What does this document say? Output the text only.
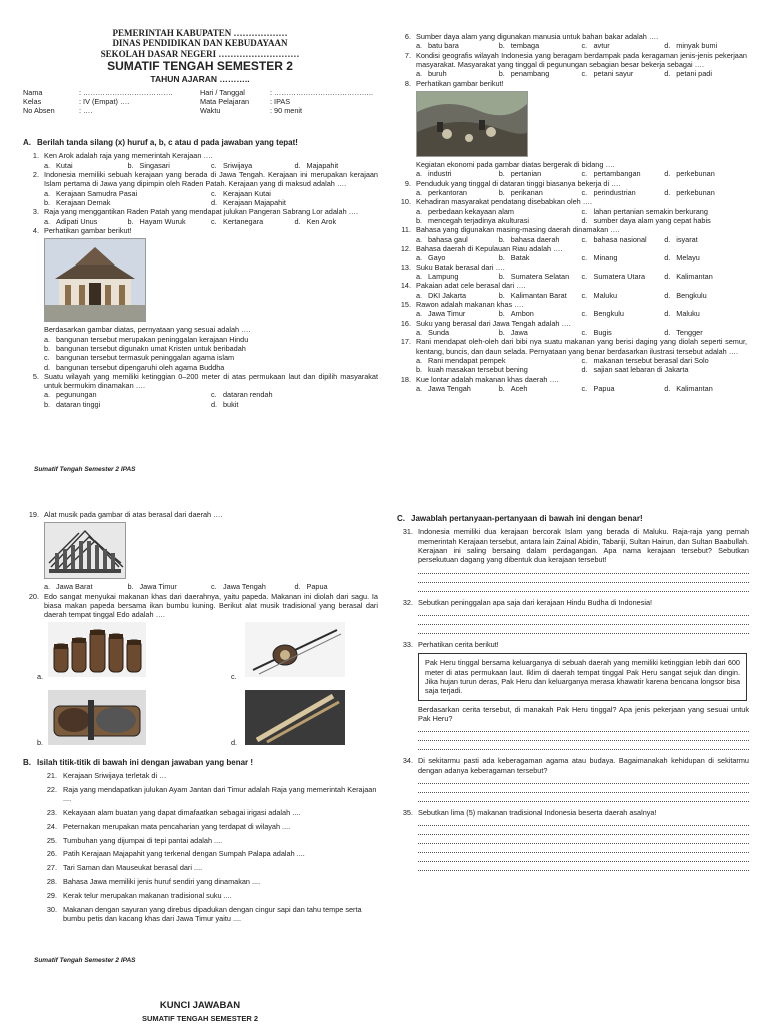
PEMERINTAH KABUPATEN ………………
DINAS PENDIDIKAN DAN KEBUDAYAAN
SEKOLAH DASAR NEGERI ………………………
SUMATIF TENGAH SEMESTER 2
TAHUN AJARAN ………..
Nama	: ……………………………….
Kelas	: IV (Empat) ….
No Absen	: ….
Hari / Tanggal	: …………………………………..
Mata Pelajaran	: IPAS
Waktu	: 90 menit
A. Berilah tanda silang (x) huruf a, b, c atau d pada jawaban yang tepat!
1. Ken Arok adalah raja yang memerintah Kerajaan ….
a. Kutai	b. Singasari	c. Sriwijaya	d. Majapahit
2. Indonesia memiliki sebuah kerajaan yang berada di Jawa Tengah. Kerajaan ini merupakan kerajaan Islam pertama di Jawa yang dipimpin oleh Raden Patah. Kerajaan yang di maksud adalah ….
a. Kerajaan Samudra Pasai	c. Kerajaan Kutai
b. Kerajaan Demak	d. Kerajaan Majapahit
3. Raja yang menggantikan Raden Patah yang mendapat julukan Pangeran Sabrang Lor adalah ….
a. Adipati Unus	b. Hayam Wuruk	c. Kertanegara	d. Ken Arok
4. Perhatikan gambar berikut!
Berdasarkan gambar diatas, pernyataan yang sesuai adalah ….
a. bangunan tersebut merupakan peninggalan kerajaan Hindu
b. bangunan tersebut digunakn umat Kristen untuk beribadah
c. bangunan tersebut termasuk peninggalan agama islam
d. bangunan tersebut dipengaruhi oleh agama Buddha
5. Suatu wilayah yang memiliki ketinggian 0–200 meter di atas permukaan laut dan dipilih masyarakat untuk bermukim dinamakan ….
a. pegunungan	c. dataran rendah
b. dataran tinggi	d. bukit
6. Sumber daya alam yang digunakan manusia untuk bahan bakar adalah ….
a. batu bara	b. tembaga	c. avtur	d. minyak bumi
7. Kondisi geografis wilayah Indonesia yang beragam berdampak pada keragaman jenis-jenis pekerjaan masyarakat. Masyarakat yang tinggal di pegunungan sebagian besar bekerja sebagai ….
a. buruh	b. penambang	c. petani sayur	d. petani padi
8. Perhatikan gambar berikut!
Kegiatan ekonomi pada gambar diatas bergerak di bidang ….
a. industri	b. pertanian	c. pertambangan	d. perkebunan
9. Penduduk yang tinggal di dataran tinggi biasanya bekerja di ….
a. perkantoran	b. perikanan	c. perindustrian	d. perkebunan
10. Kehadiran masyarakat pendatang disebabkan oleh ….
a. perbedaan kekayaan alam	c. lahan pertanian semakin berkurang
b. mencegah terjadinya akulturasi	d. sumber daya alam yang cepat habis
11. Bahasa yang digunakan masing-masing daerah dinamakan ….
a. bahasa gaul	b. bahasa daerah	c. bahasa nasional d. isyarat
12. Bahasa daerah di Kepulauan Riau adalah ….
a. Gayo	b. Batak	c. Minang	d. Melayu
13. Suku Batak berasal dari ….
a. Lampung	b. Sumatera Selatan c. Sumatera Utara	d. Kalimantan
14. Pakaian adat cele berasal dari ….
a. DKI Jakarta	b. Kalimantan Barat c. Maluku	d. Bengkulu
15. Rawon adalah makanan khas ….
a. Jawa Timur	b. Ambon	c. Bengkulu	d. Maluku
16. Suku yang berasal dari Jawa Tengah adalah ….
a. Sunda	b. Jawa	c. Bugis	d. Tengger
17. Rani mendapat oleh-oleh dari bibi nya suatu makanan yang berisi daging yang diolah seperti semur, kentang, buncis, dan daun selada. Pernyataan yang benar berdasarkan ilustrasi tersebut adalah ….
a. Rani mendapat pempek	c. makanan tersebut berasal dari Solo
b. kuah masakan tersebut bening	d. sajian saat lebaran di Jakarta
18. Kue lontar adalah makanan khas daerah ….
a. Jawa Tengah	b. Aceh	c. Papua	d. Kalimantan
Sumatif Tengah Semester 2 IPAS
19. Alat musik pada gambar di atas berasal dari daerah ….
a. Jawa Barat	b. Jawa Timur	c. Jawa Tengah	d. Papua
20. Edo sangat menyukai makanan khas dari daerahnya, yaitu papeda. Makanan ini diolah dari sagu. Ia biasa makan papeda bersama ikan bumbu kuning. Berikut alat musik tradisional yang berasal dari daerah tempat tinggal Edo adalah ….
a.	c.
b.	d.
B. Isilah titik-titik di bawah ini dengan jawaban yang benar !
21. Kerajaan Sriwijaya terletak di …
22. Raja yang mendapatkan julukan Ayam Jantan dari Timur adalah Raja yang memerintah Kerajaan ....
23. Kekayaan alam buatan yang dapat dimafaatkan sebagai irigasi adalah ....
24. Peternakan merupakan mata pencaharian yang terdapat di wilayah ....
25. Tumbuhan yang dijumpai di tepi pantai adalah ....
26. Patih Kerajaan Majapahit yang terkenal dengan Sumpah Palapa adalah ....
27. Tari Saman dan Mauseukat berasal dari ....
28. Bahasa Jawa memiliki jenis huruf sendiri yang dinamakan ....
29. Kerak telur merupakan makanan tradisional suku ....
30. Makanan dengan sayuran yang direbus dipadukan dengan cingur sapi dan tahu tempe serta bumbu petis dan kacang khas dari Jawa Timur yaitu ....
C. Jawablah pertanyaan-pertanyaan di bawah ini dengan benar!
31. Indonesia memiliki dua kerajaan bercorak Islam yang berada di Maluku. Raja-raja yang pernah memerintah Kerajaan tersebut, antara lain Zainal Abidin, Tabariji, Sultan Hairun, dan Sultan Baabullah. Kerajaan ini saling bersaing dalam perdagangan. Apa nama kerajaan tersebut? Sebutkan persekutuan dagang yang dibentuk dua kerajaan tersebut!
32. Sebutkan peninggalan apa saja dari kerajaan Hindu Budha di Indonesia!
33. Perhatikan cerita berikut!
Pak Heru tinggal bersama keluarganya di sebuah daerah yang memiliki ketinggian lebih dari 600 meter di atas permukaan laut. Iklim di daerah tempat tinggal Pak Heru sangat sejuk dan dingin. Jika hujan turun deras, Pak Heru dan keluarganya merasa khawatir karena bencana longsor bisa saja terjadi.
Berdasarkan cerita tersebut, di manakah Pak Heru tinggal? Apa jenis pekerjaan yang sesuai untuk Pak Heru?
34. Di sekitarmu pasti ada keberagaman agama atau budaya. Bagaimanakah kehidupan di sekitarmu dengan adanya keberagaman tersebut?
35. Sebutkan lima (5) makanan tradisional Indonesia beserta daerah asalnya!
Sumatif Tengah Semester 2 IPAS
KUNCI JAWABAN
SUMATIF TENGAH SEMESTER 2
